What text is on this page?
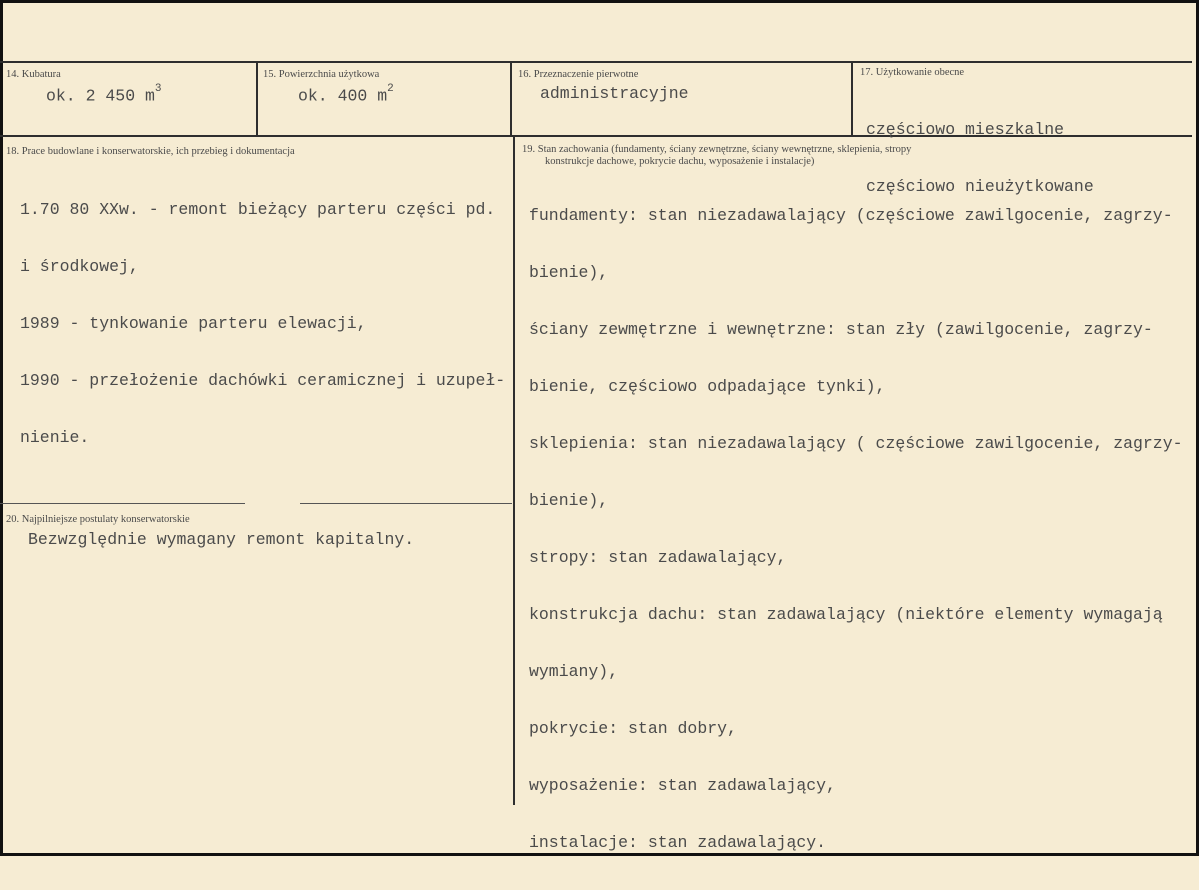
14. Kubatura
ok. 2 450 $m^3$
15. Powierzchnia użytkowa
ok. 400 $m^2$
16. Przeznaczenie pierwotne
administracyjne
17. Użytkowanie obecne

częściowo mieszkalne

częściowo nieużytkowane

18. Prace budowlane i konserwatorskie, ich przebieg i dokumentacja

1.70 80 XXw. - remont bieżący parteru części pd.

i środkowej,

1989 - tynkowanie parteru elewacji,

1990 - przełożenie dachówki ceramicznej i uzupeł-

nienie.

19. Stan zachowania (fundamenty, ściany zewnętrzne, ściany wewnętrzne, sklepienia, stropy
konstrukcje dachowe, pokrycie dachu, wyposażenie i instalacje)

fundamenty: stan niezadawalający (częściowe zawilgocenie, zagrzy-

bienie),

ściany zewmętrzne i wewnętrzne: stan zły (zawilgocenie, zagrzy-

bienie, częściowo odpadające tynki),

sklepienia: stan niezadawalający ( częściowe zawilgocenie, zagrzy-

bienie),

stropy: stan zadawalający,

konstrukcja dachu: stan zadawalający (niektóre elementy wymagają

wymiany),

pokrycie: stan dobry,

wyposażenie: stan zadawalający,

instalacje: stan zadawalający.

20. Najpilniejsze postulaty konserwatorskie
Bezwzględnie wymagany remont kapitalny.
